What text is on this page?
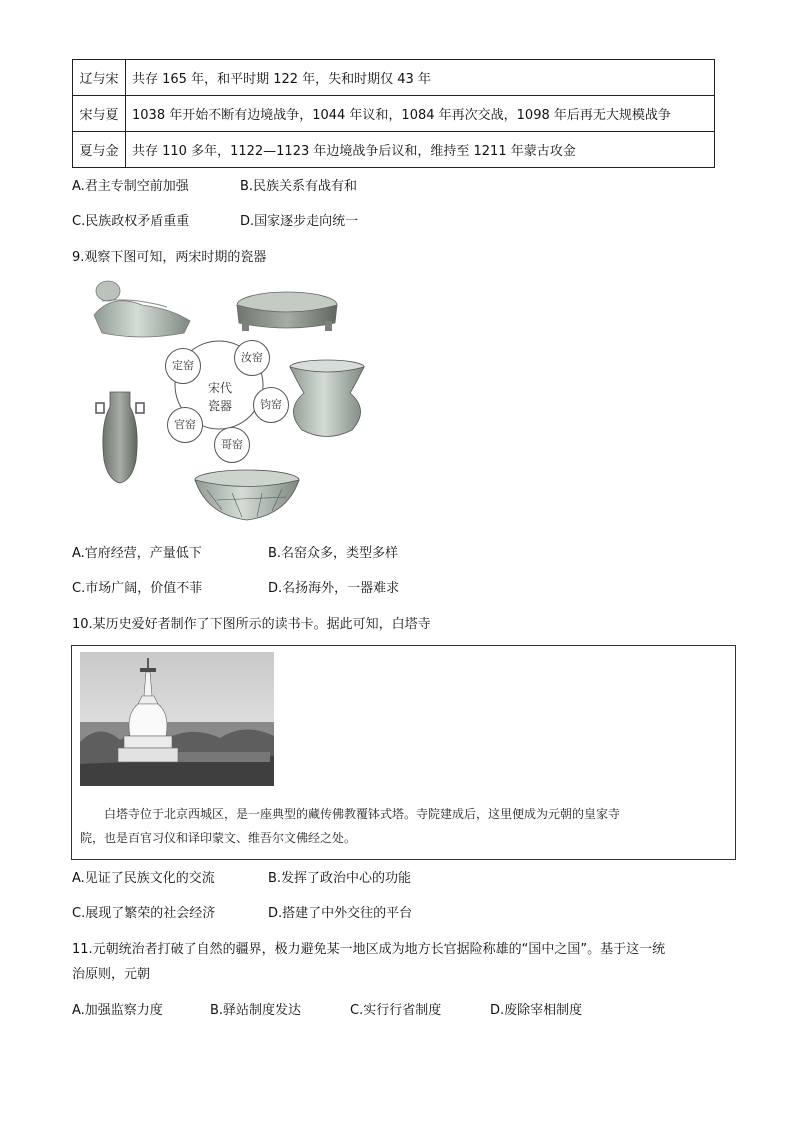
辽与宋	共存 165 年，和平时期 122 年，失和时期仅 43 年
宋与夏	1038 年开始不断有边境战争，1044 年议和，1084 年再次交战，1098 年后再无大规模战争
夏与金	共存 110 多年，1122—1123 年边境战争后议和，维持至 1211 年蒙古攻金
A.君主专制空前加强	B.民族关系有战有和
C.民族政权矛盾重重	D.国家逐步走向统一
9.观察下图可知，两宋时期的瓷器
宋代
瓷器
定窑
汝窑
钧窑
哥窑
官窑
A.官府经营，产量低下	B.名窑众多，类型多样
C.市场广阔，价值不菲	D.名扬海外，一器难求
10.某历史爱好者制作了下图所示的读书卡。据此可知，白塔寺
白塔寺位于北京西城区，是一座典型的藏传佛教覆钵式塔。寺院建成后，这里便成为元朝的皇家寺
院，也是百官习仪和译印蒙文、维吾尔文佛经之处。
A.见证了民族文化的交流	B.发挥了政治中心的功能
C.展现了繁荣的社会经济	D.搭建了中外交往的平台
11.元朝统治者打破了自然的疆界，极力避免某一地区成为地方长官据险称雄的“国中之国”。基于这一统
治原则，元朝
A.加强监察力度	B.驿站制度发达	C.实行行省制度	D.废除宰相制度
